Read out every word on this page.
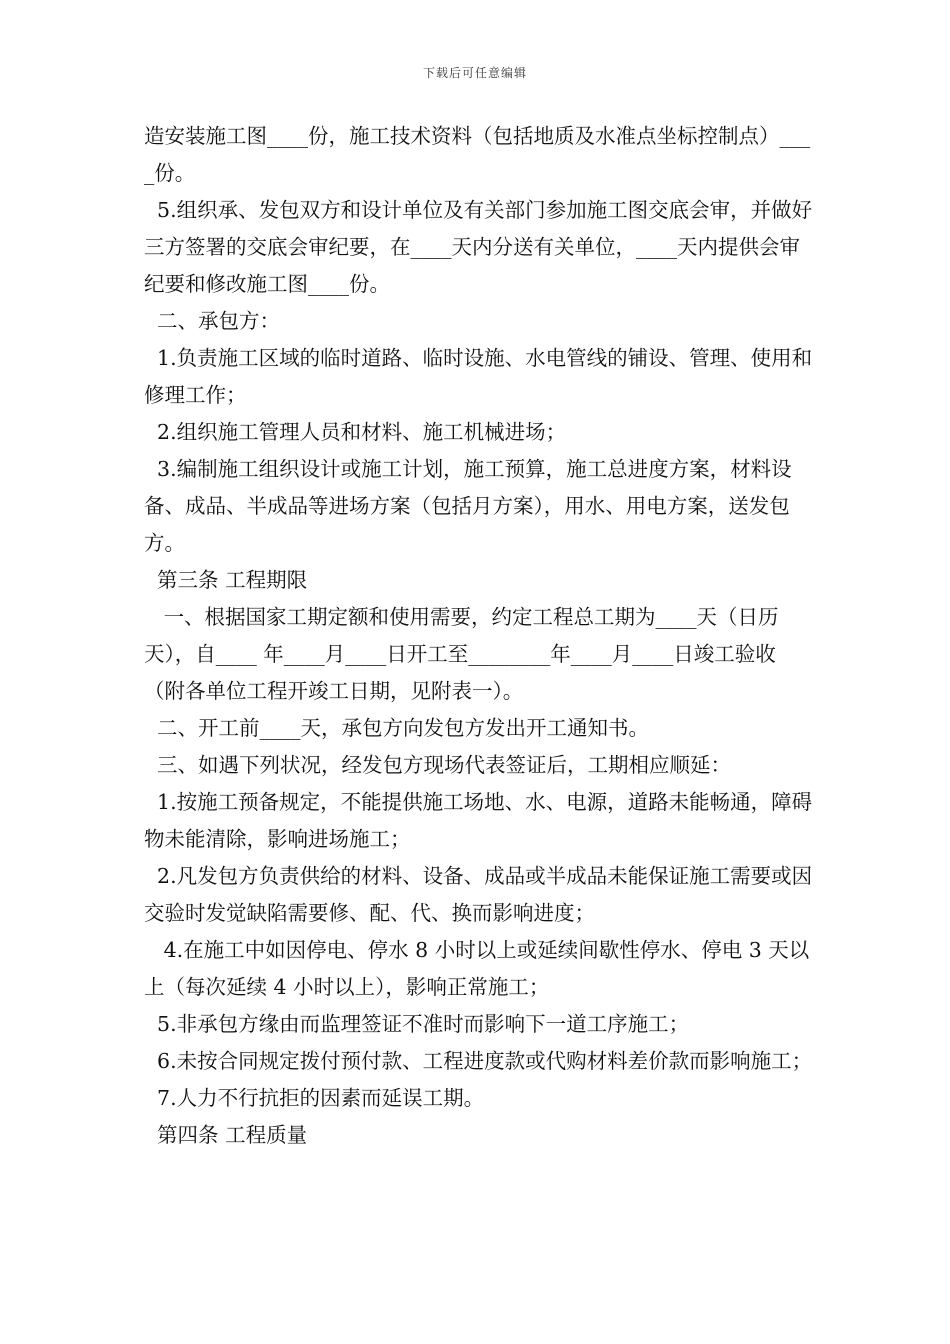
下载后可任意编辑

造安装施工图____份，施工技术资料（包括地质及水准点坐标控制点）____份。

5.组织承、发包双方和设计单位及有关部门参加施工图交底会审，并做好三方签署的交底会审纪要，在____天内分送有关单位，____天内提供会审纪要和修改施工图____份。

二、承包方：

1.负责施工区域的临时道路、临时设施、水电管线的铺设、管理、使用和修理工作；

2.组织施工管理人员和材料、施工机械进场；

3.编制施工组织设计或施工计划，施工预算，施工总进度方案，材料设备、成品、半成品等进场方案（包括月方案），用水、用电方案，送发包方。

第三条 工程期限

一、根据国家工期定额和使用需要，约定工程总工期为____天（日历天），自____ 年____月____日开工至________年____月____日竣工验收（附各单位工程开竣工日期，见附表一）。

二、开工前____天，承包方向发包方发出开工通知书。

三、如遇下列状况，经发包方现场代表签证后，工期相应顺延：

1.按施工预备规定，不能提供施工场地、水、电源，道路未能畅通，障碍物未能清除，影响进场施工；

2.凡发包方负责供给的材料、设备、成品或半成品未能保证施工需要或因交验时发觉缺陷需要修、配、代、换而影响进度；

4.在施工中如因停电、停水 8 小时以上或延续间歇性停水、停电 3 天以上（每次延续 4 小时以上），影响正常施工；

5.非承包方缘由而监理签证不准时而影响下一道工序施工；

6.未按合同规定拨付预付款、工程进度款或代购材料差价款而影响施工；

7.人力不行抗拒的因素而延误工期。

第四条 工程质量
